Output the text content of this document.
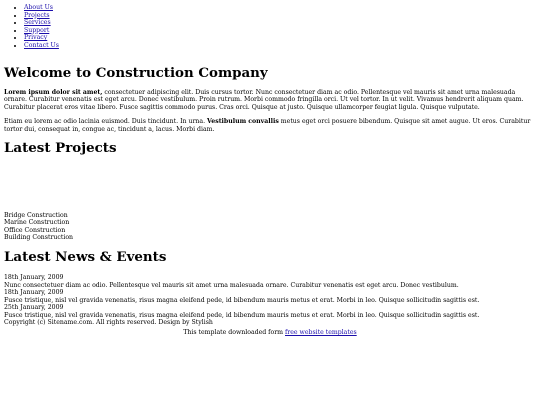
• About Us
• Projects
• Services
• Support
• Privacy
• Contact Us
Welcome to Construction Company

Lorem ipsum dolor sit amet, consectetuer adipiscing elit. Duis cursus tortor. Nunc consectetuer diam ac odio. Pellentesque vel mauris sit amet urna malesuada ornare. Curabitur venenatis est eget arcu. Donec vestibulum. Proin rutrum. Morbi commodo fringilla orci. Ut vel tortor. In ut velit. Vivamus hendrerit aliquam quam. Curabitur placerat eros vitae libero. Fusce sagittis commodo purus. Cras orci. Quisque at justo. Quisque ullamcorper feugiat ligula. Quisque vulputate.

Etiam eu lorem ac odio lacinia euismod. Duis tincidunt. In urna. Vestibulum convallis metus eget orci posuere bibendum. Quisque sit amet augue. Ut eros. Curabitur tortor dui, consequat in, congue ac, tincidunt a, lacus. Morbi diam.

Latest Projects
Bridge Construction
Marine Construction
Office Construction
Building Construction
Latest News & Events
18th January, 2009
Nunc consectetuer diam ac odio. Pellentesque vel mauris sit amet urna malesuada ornare. Curabitur venenatis est eget arcu. Donec vestibulum.
18th January, 2009
Fusce tristique, nisl vel gravida venenatis, risus magna eleifend pede, id bibendum mauris metus et erat. Morbi in leo. Quisque sollicitudin sagittis est.
25th January, 2009
Fusce tristique, nisl vel gravida venenatis, risus magna eleifend pede, id bibendum mauris metus et erat. Morbi in leo. Quisque sollicitudin sagittis est.
Copyright (c) Sitename.com. All rights reserved. Design by Stylish
This template downloaded form free website templates
